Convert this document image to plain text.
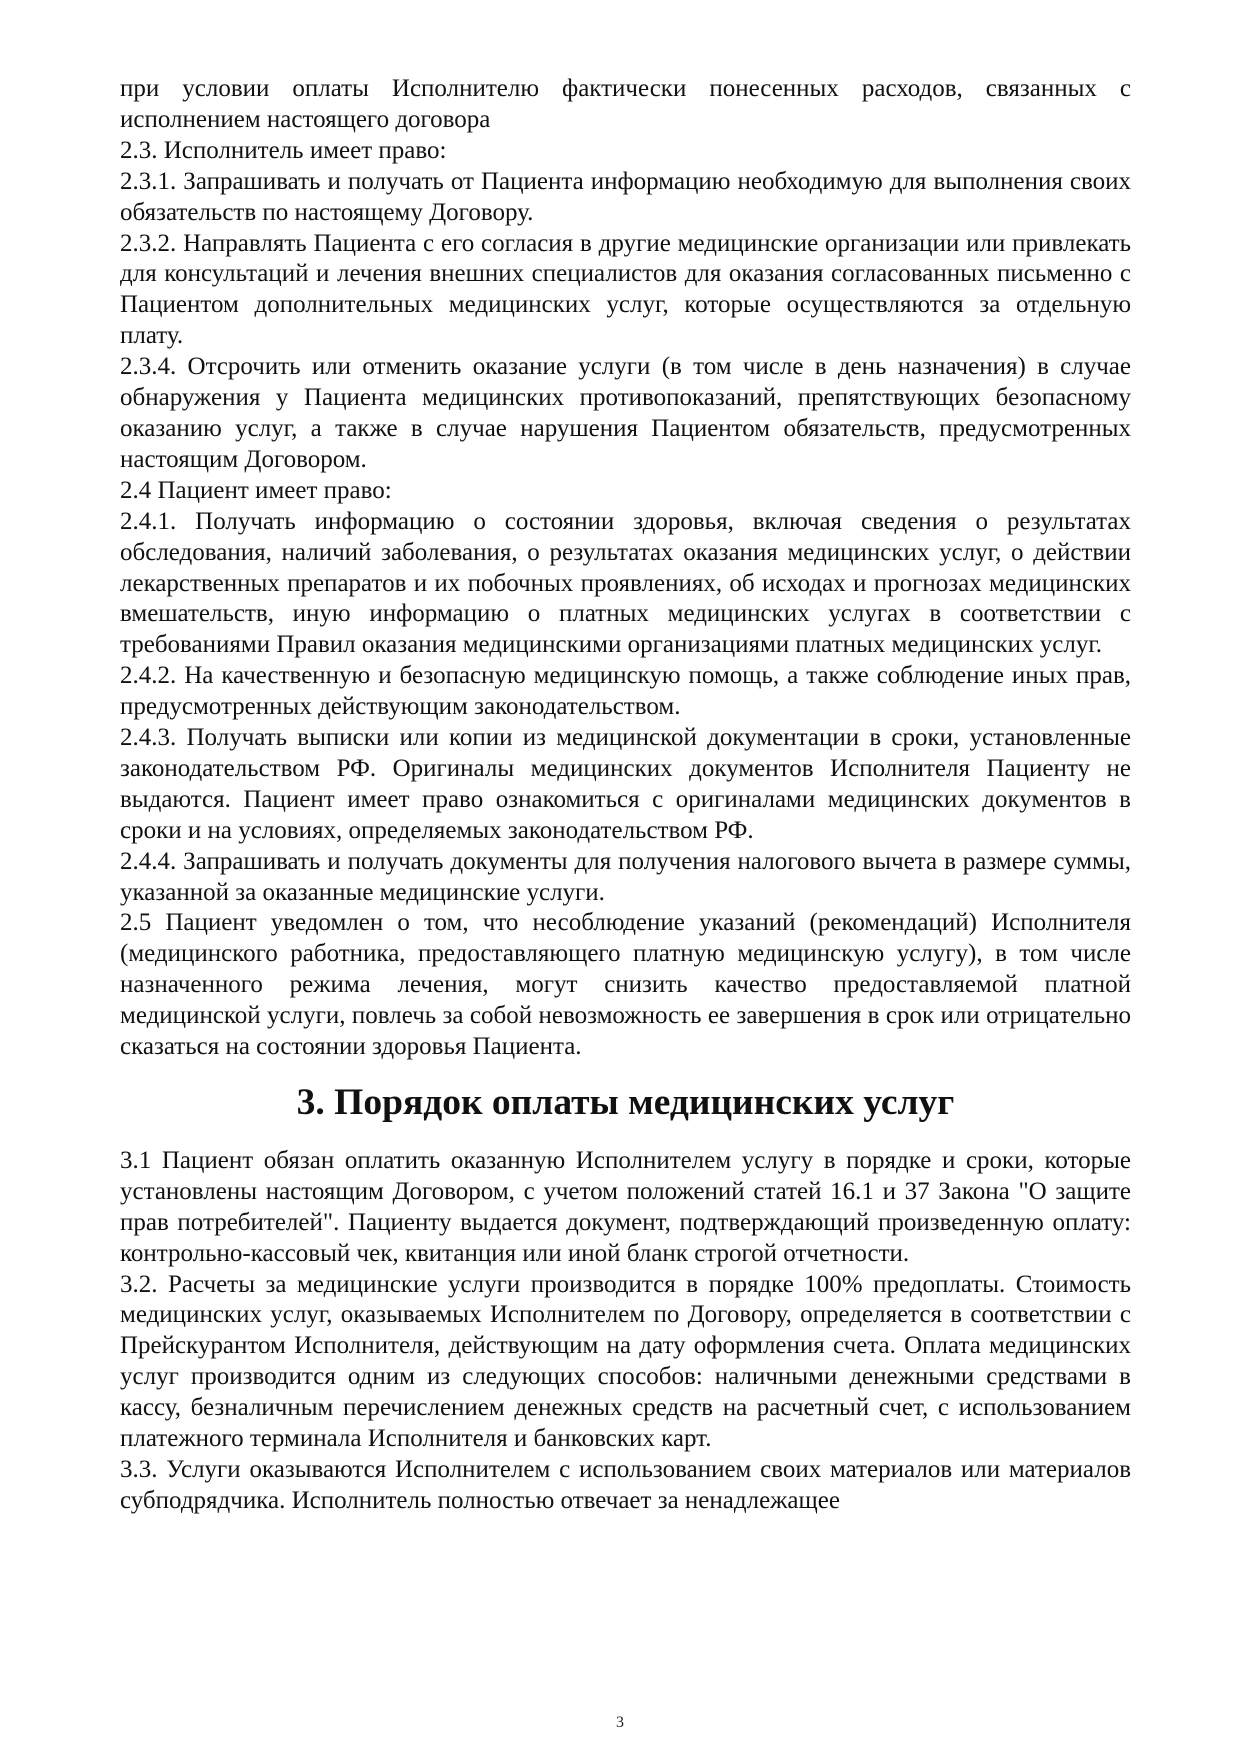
при условии оплаты Исполнителю фактически понесенных расходов, связанных с исполнением настоящего договора

2.3. Исполнитель имеет право:

2.3.1. Запрашивать и получать от Пациента информацию необходимую для выполнения своих обязательств по настоящему Договору.

2.3.2. Направлять Пациента с его согласия в другие медицинские организации или привлекать для консультаций и лечения внешних специалистов для оказания согласованных письменно с Пациентом дополнительных медицинских услуг, которые осуществляются за отдельную плату.

2.3.4. Отсрочить или отменить оказание услуги (в том числе в день назначения) в случае обнаружения у Пациента медицинских противопоказаний, препятствующих безопасному оказанию услуг, а также в случае нарушения Пациентом обязательств, предусмотренных настоящим Договором.

2.4 Пациент имеет право:

2.4.1. Получать информацию о состоянии здоровья, включая сведения о результатах обследования, наличий заболевания, о результатах оказания медицинских услуг, о действии лекарственных препаратов и их побочных проявлениях, об исходах и прогнозах медицинских вмешательств, иную информацию о платных медицинских услугах в соответствии с требованиями Правил оказания медицинскими организациями платных медицинских услуг.

2.4.2. На качественную и безопасную медицинскую помощь, а также соблюдение иных прав, предусмотренных действующим законодательством.

2.4.3. Получать выписки или копии из медицинской документации в сроки, установленные законодательством РФ. Оригиналы медицинских документов Исполнителя Пациенту не выдаются. Пациент имеет право ознакомиться с оригиналами медицинских документов в сроки и на условиях, определяемых законодательством РФ.

2.4.4. Запрашивать и получать документы для получения налогового вычета в размере суммы, указанной за оказанные медицинские услуги.

2.5 Пациент уведомлен о том, что несоблюдение указаний (рекомендаций) Исполнителя (медицинского работника, предоставляющего платную медицинскую услугу), в том числе назначенного режима лечения, могут снизить качество предоставляемой платной медицинской услуги, повлечь за собой невозможность ее завершения в срок или отрицательно сказаться на состоянии здоровья Пациента.

3. Порядок оплаты медицинских услуг

3.1 Пациент обязан оплатить оказанную Исполнителем услугу в порядке и сроки, которые установлены настоящим Договором, с учетом положений статей 16.1 и 37 Закона "О защите прав потребителей". Пациенту выдается документ, подтверждающий произведенную оплату: контрольно-кассовый чек, квитанция или иной бланк строгой отчетности.

3.2. Расчеты за медицинские услуги производится в порядке 100% предоплаты. Стоимость медицинских услуг, оказываемых Исполнителем по Договору, определяется в соответствии с Прейскурантом Исполнителя, действующим на дату оформления счета. Оплата медицинских услуг производится одним из следующих способов: наличными денежными средствами в кассу, безналичным перечислением денежных средств на расчетный счет, с использованием платежного терминала Исполнителя и банковских карт.

3.3. Услуги оказываются Исполнителем с использованием своих материалов или материалов субподрядчика. Исполнитель полностью отвечает за ненадлежащее

3
